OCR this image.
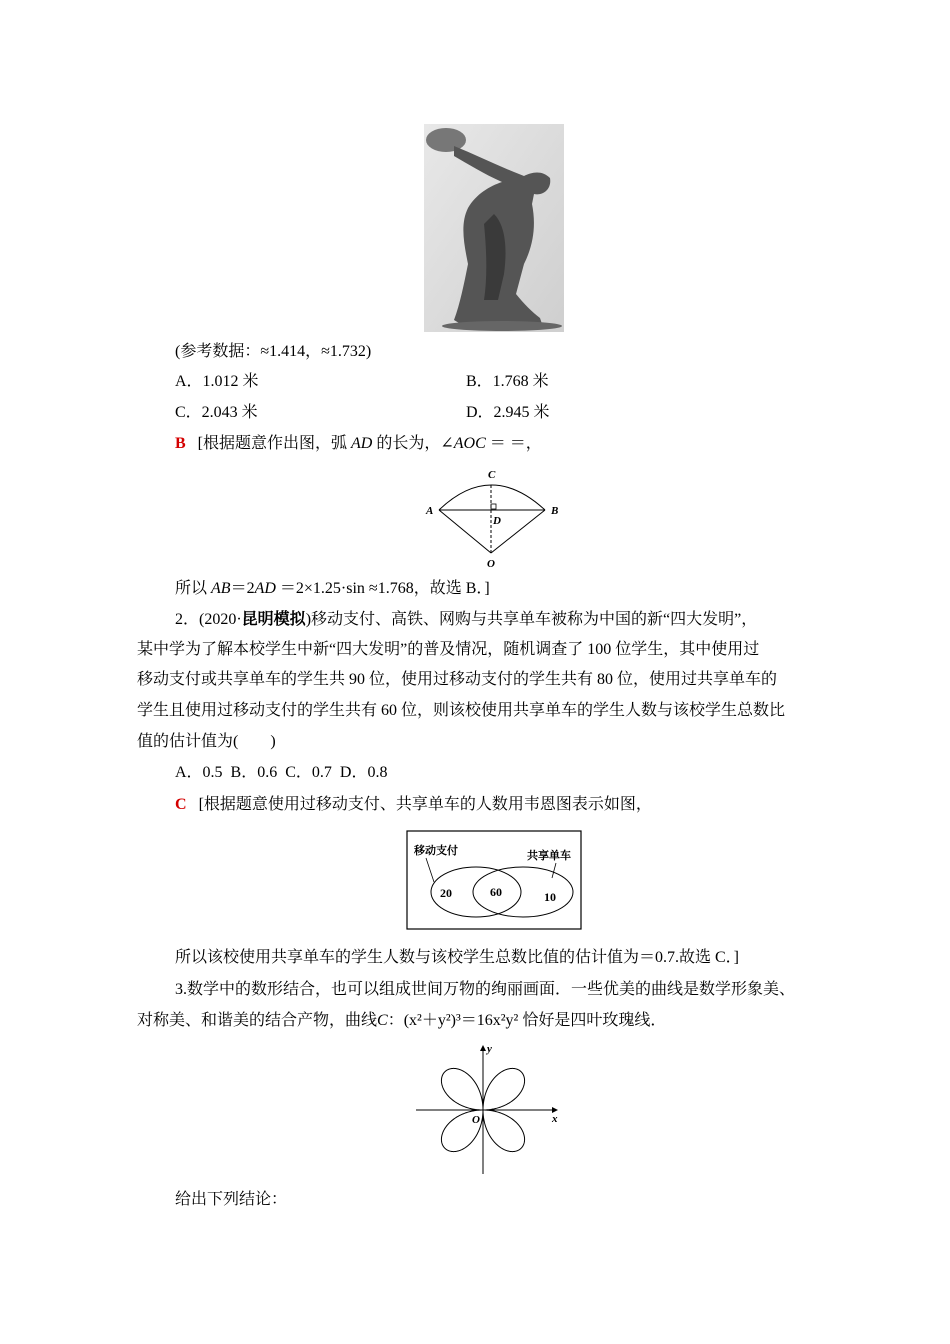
(参考数据：≈1.414，≈1.732)
A．1.012 米	B．1.768 米
C．2.043 米	D．2.945 米
B  [根据题意作出图，弧 AD 的长为，∠AOC ＝ ＝，
C
A
D
B
O
所以 AB＝2AD ＝2×1.25·sin ≈1.768，故选 B．]
2．(2020·昆明模拟)移动支付、高铁、网购与共享单车被称为中国的新“四大发明”，
某中学为了解本校学生中新“四大发明”的普及情况，随机调查了 100 位学生，其中使用过
移动支付或共享单车的学生共 90 位，使用过移动支付的学生共有 80 位，使用过共享单车的
学生且使用过移动支付的学生共有 60 位，则该校使用共享单车的学生人数与该校学生总数比
值的估计值为(　　)
A．0.5  B．0.6  C．0.7  D．0.8
C  [根据题意使用过移动支付、共享单车的人数用韦恩图表示如图，
移动支付	共享单车
20	60	10
所以该校使用共享单车的学生人数与该校学生总数比值的估计值为＝0.7.故选 C．]
3.数学中的数形结合，也可以组成世间万物的绚丽画面．一些优美的曲线是数学形象美、
对称美、和谐美的结合产物，曲线C：(x²＋y²)³＝16x²y² 恰好是四叶玫瑰线．
y
x
O
给出下列结论：
